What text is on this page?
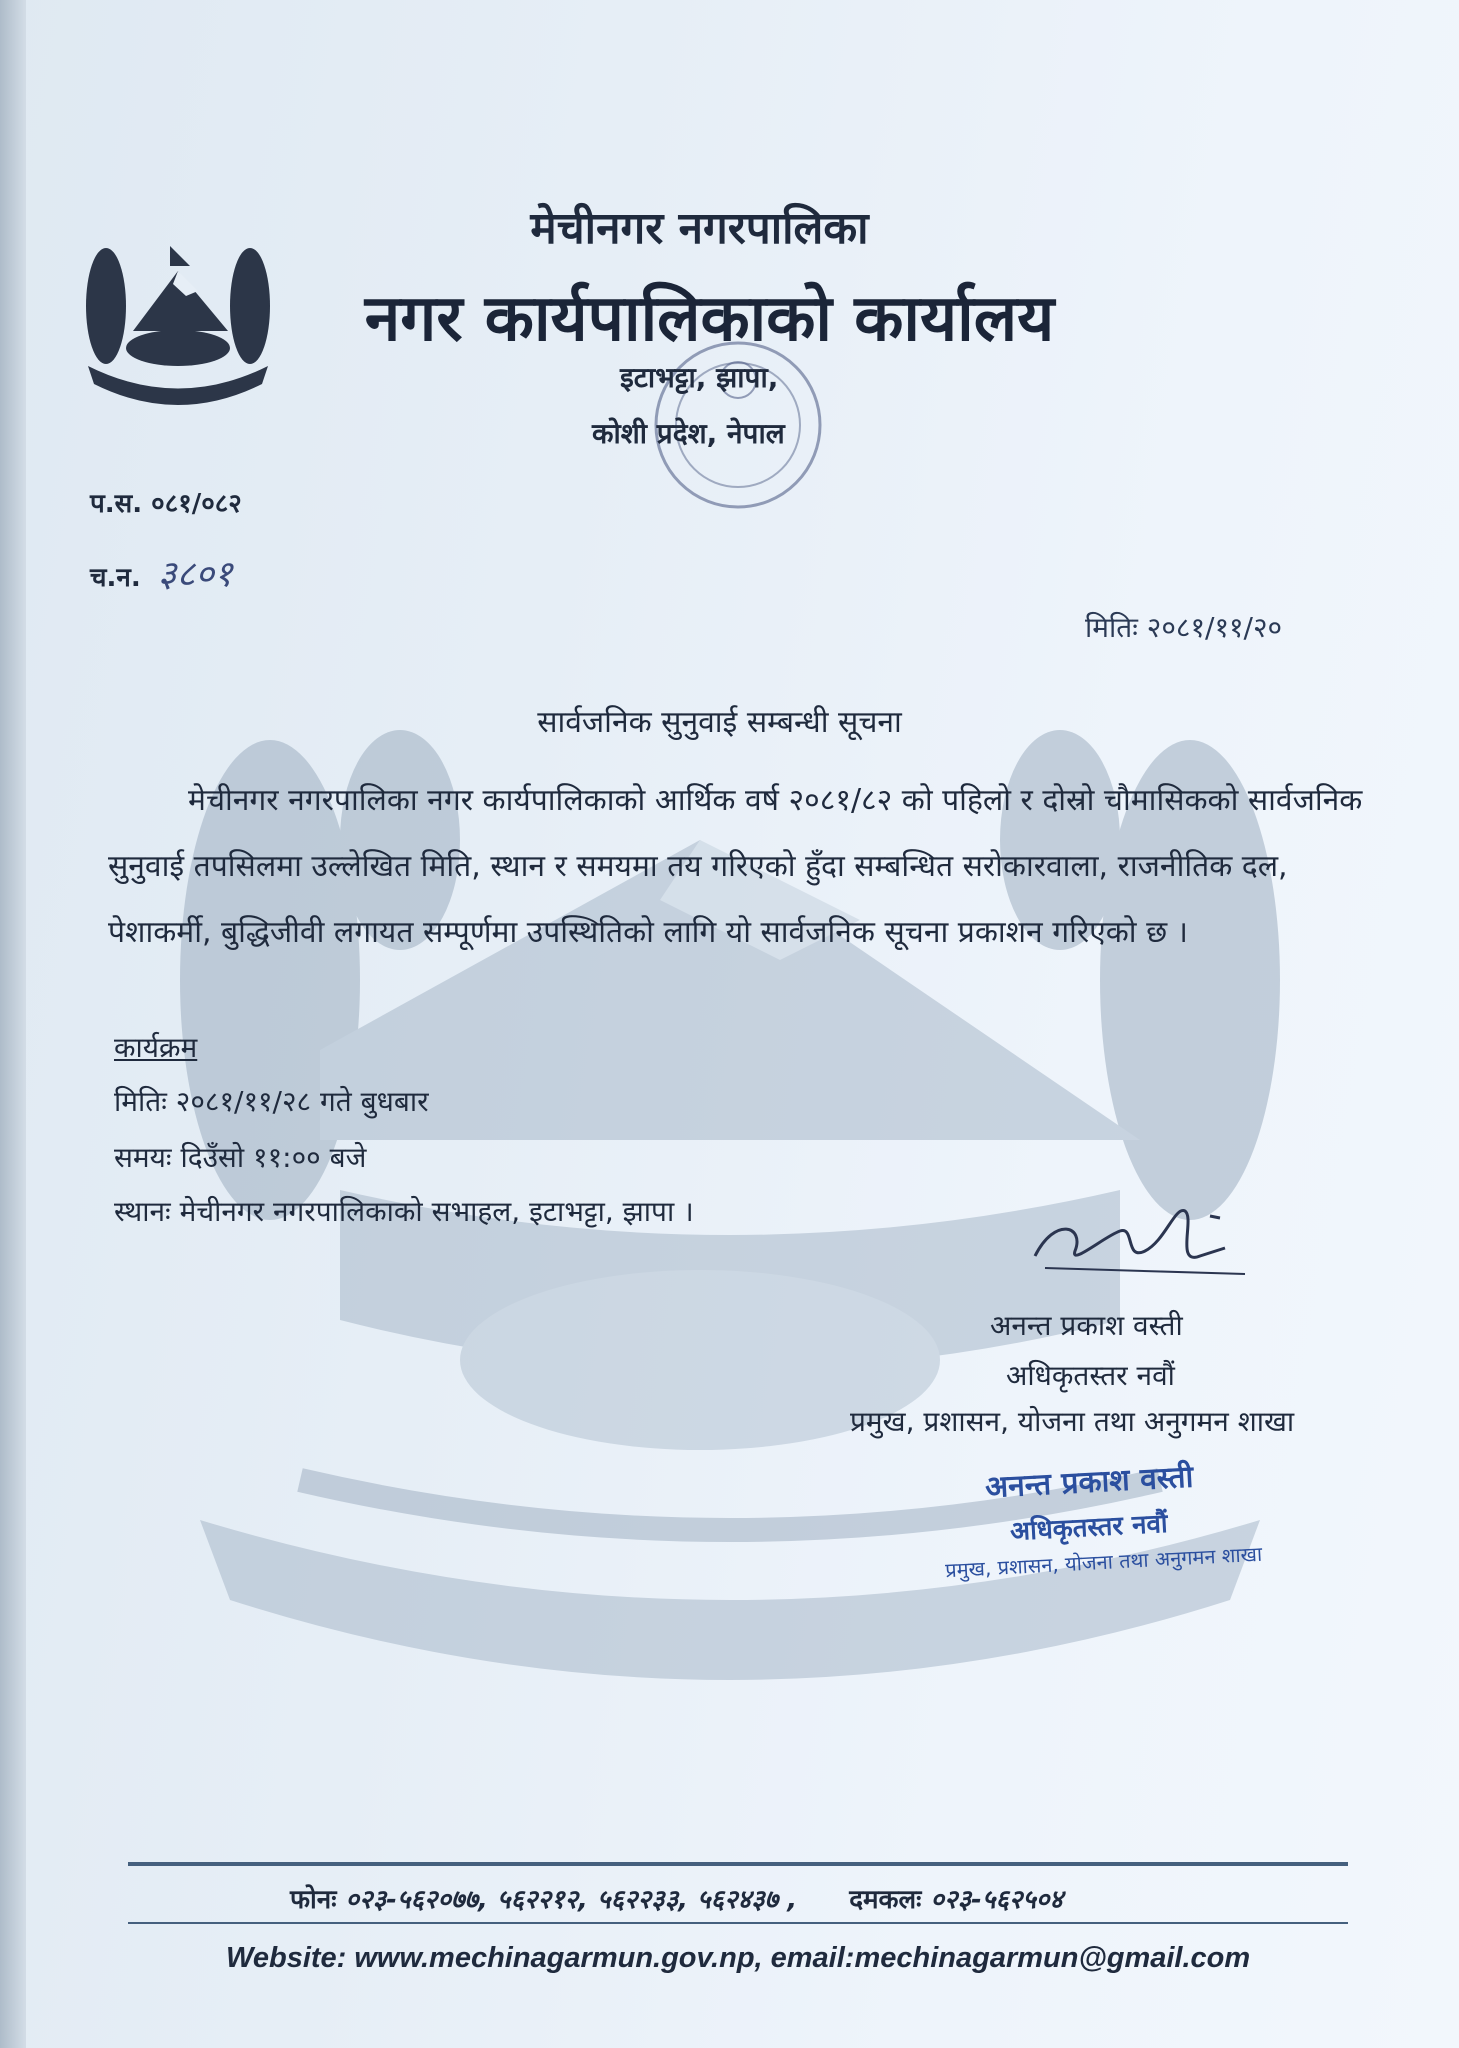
मेचीनगर नगरपालिका
नगर कार्यपालिकाको कार्यालय
इटाभट्टा, झापा,
कोशी प्रदेश, नेपाल
प.स. ०८१/०८२
च.न. ३८०१
मितिः २०८१/११/२०
सार्वजनिक सुनुवाई सम्बन्धी सूचना
मेचीनगर नगरपालिका नगर कार्यपालिकाको आर्थिक वर्ष २०८१/८२ को पहिलो र दोस्रो चौमासिकको सार्वजनिक सुनुवाई तपसिलमा उल्लेखित मिति, स्थान र समयमा तय गरिएको हुँदा सम्बन्धित सरोकारवाला, राजनीतिक दल, पेशाकर्मी, बुद्धिजीवी लगायत सम्पूर्णमा उपस्थितिको लागि यो सार्वजनिक सूचना प्रकाशन गरिएको छ ।
कार्यक्रम
मितिः २०८१/११/२८ गते बुधबार
समयः दिउँसो ११:०० बजे
स्थानः मेचीनगर नगरपालिकाको सभाहल, इटाभट्टा, झापा ।
अनन्त प्रकाश वस्ती
अधिकृतस्तर नवौं
प्रमुख, प्रशासन, योजना तथा अनुगमन शाखा
अनन्त प्रकाश वस्ती
अधिकृतस्तर नवौं
प्रमुख, प्रशासन, योजना तथा अनुगमन शाखा
फोनः ०२३-५६२०७७, ५६२२१२, ५६२२३३, ५६२४३७ , दमकलः ०२३-५६२५०४
Website: www.mechinagarmun.gov.np, email:mechinagarmun@gmail.com
